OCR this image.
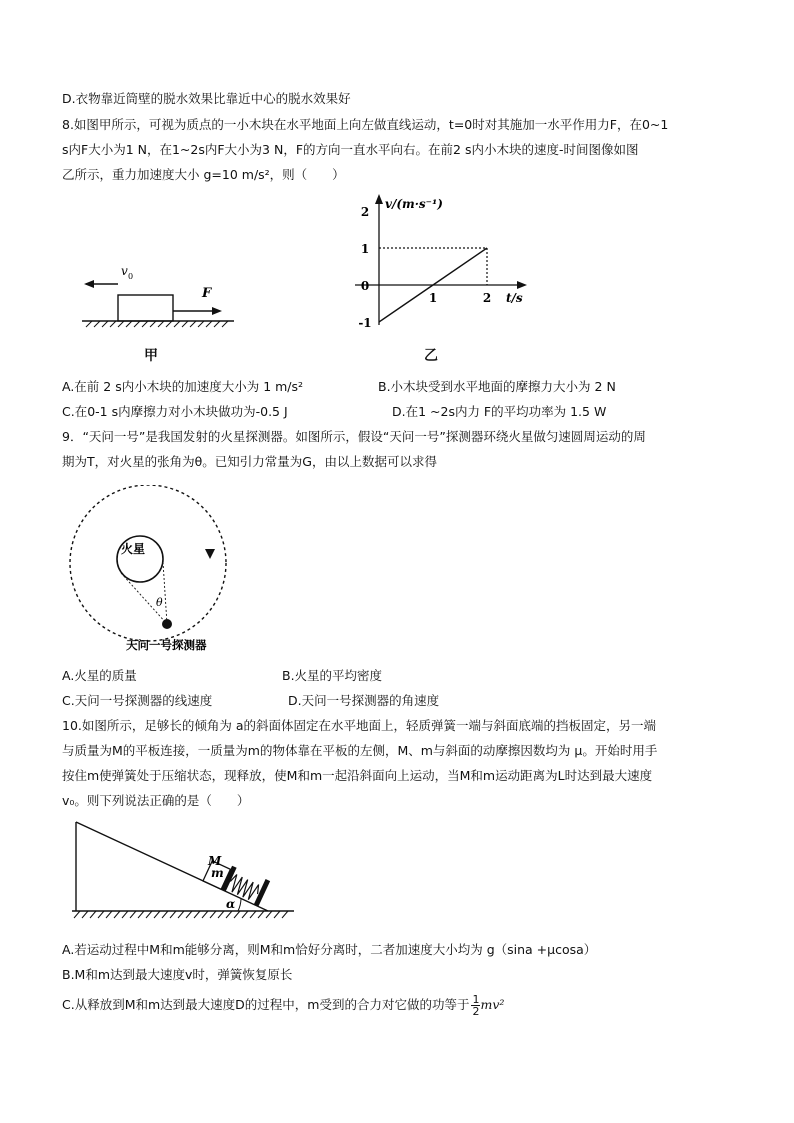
D.衣物靠近筒壁的脱水效果比靠近中心的脱水效果好
8.如图甲所示，可视为质点的一小木块在水平地面上向左做直线运动，t=0时对其施加一水平作用力F，在0~1
s内F大小为1 N，在1~2s内F大小为3 N，F的方向一直水平向右。在前2 s内小木块的速度-时间图像如图
乙所示，重力加速度大小 g=10 m/s²，则（　　）
v 0
F
甲
v/(m·s⁻¹)
t/s
2
1
0
-1
1	2
乙
A.在前 2 s内小木块的加速度大小为 1 m/s²	B.小木块受到水平地面的摩擦力大小为 2 N
C.在0-1 s内摩擦力对小木块做功为-0.5 J	D.在1 ~2s内力 F的平均功率为 1.5 W
9．“天问一号”是我国发射的火星探测器。如图所示，假设“天问一号”探测器环绕火星做匀速圆周运动的周
期为T，对火星的张角为θ。已知引力常量为G，由以上数据可以求得
火星
θ
天问一号探测器
A.火星的质量	B.火星的平均密度
C.天问一号探测器的线速度	D.天问一号探测器的角速度
10.如图所示，足够长的倾角为 a的斜面体固定在水平地面上，轻质弹簧一端与斜面底端的挡板固定，另一端
与质量为M的平板连接，一质量为m的物体靠在平板的左侧，M、m与斜面的动摩擦因数均为 μ。开始时用手
按住m使弹簧处于压缩状态，现释放，使M和m一起沿斜面向上运动，当M和m运动距离为L时达到最大速度
v₀。则下列说法正确的是（　　）
M
m
α
A.若运动过程中M和m能够分离，则M和m恰好分离时，二者加速度大小均为 g（sina +μcosa）
B.M和m达到最大速度v时，弹簧恢复原长
C.从释放到M和m达到最大速度D的过程中，m受到的合力对它做的功等于 $\frac{1}{2} mv^2$
